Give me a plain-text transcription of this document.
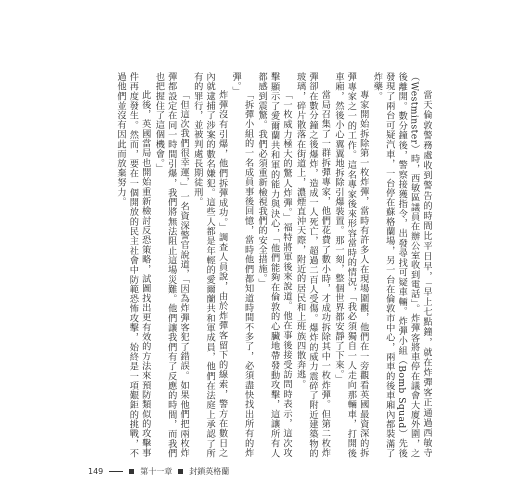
當天倫敦警務處收到警告的時間比平日早，「早上七點鐘，就在炸彈客正通過西敏寺（Westminster）時，西敏區議員在辦公室收到電話」。炸彈客將車停在議會大廈外圍，之後離開。數分鐘後，警察接獲指令，出發尋找可疑車輛。炸彈小組（Bomb Squad）先後發現了兩台可疑汽車，一台停在蘇格蘭場，另一台在倫敦市中心，兩車的後車廂內都裝滿了炸藥。

專家開始拆除第一枚炸彈，當時有許多人在現場圍觀，他們在一旁觀看英國最資深的拆彈專家之一的工作。這名專家後來形容當時的情況，「我必須獨自一人走向那輛車，打開後車廂，然後小心翼翼地拆除引爆裝置。那一刻，整個世界都安靜了下來。」

當局召集了一群拆彈專家，他們花費了數小時，才成功拆除其中一枚炸彈。但第二枚炸彈卻在數分鐘之後爆炸，造成一人死亡，超過二百人受傷。爆炸的威力震碎了附近建築物的玻璃，碎片散落在街道上，濃煙直沖天際，附近的居民和上班族四散奔逃。

「一枚威力極大的驚人炸彈。」福特將軍後來說道。他在事後接受訪問時表示，這次攻擊顯示了愛爾蘭共和軍的能力與決心，「他們能夠在倫敦的心臟地帶發動攻擊，這讓所有人都感到震驚。我們必須重新檢視我們的安全措施。」

「拆彈小組的一名成員事後回憶，當時他們都知道時間不多了，必須盡快找出所有的炸彈。」

炸彈沒有引爆，他們拆彈成功。」調查人員說，由於炸彈客留下的線索，警方在數日之內就逮捕了涉案的數名嫌犯。這些人都是年輕的愛爾蘭共和軍成員，他們在法庭上承認了所有的罪行，並被判處長期徒刑。

「但這次我們很幸運，」一名資深警官說道，「因為炸彈客犯了錯誤。如果他們把兩枚炸彈都設定在同一時間引爆，我們將無法阻止這場災難。他們讓我們有了反應的時間，而我們也把握住了這個機會。」

此後，英國當局也開始重新檢討反恐策略，試圖找出更有效的方法來預防類似的攻擊事件再度發生。然而，要在一個開放的民主社會中防範恐怖攻擊，始終是一項艱鉅的挑戰，不過他們並沒有因此而放棄努力。

149	第十一章 封鎖英格蘭
